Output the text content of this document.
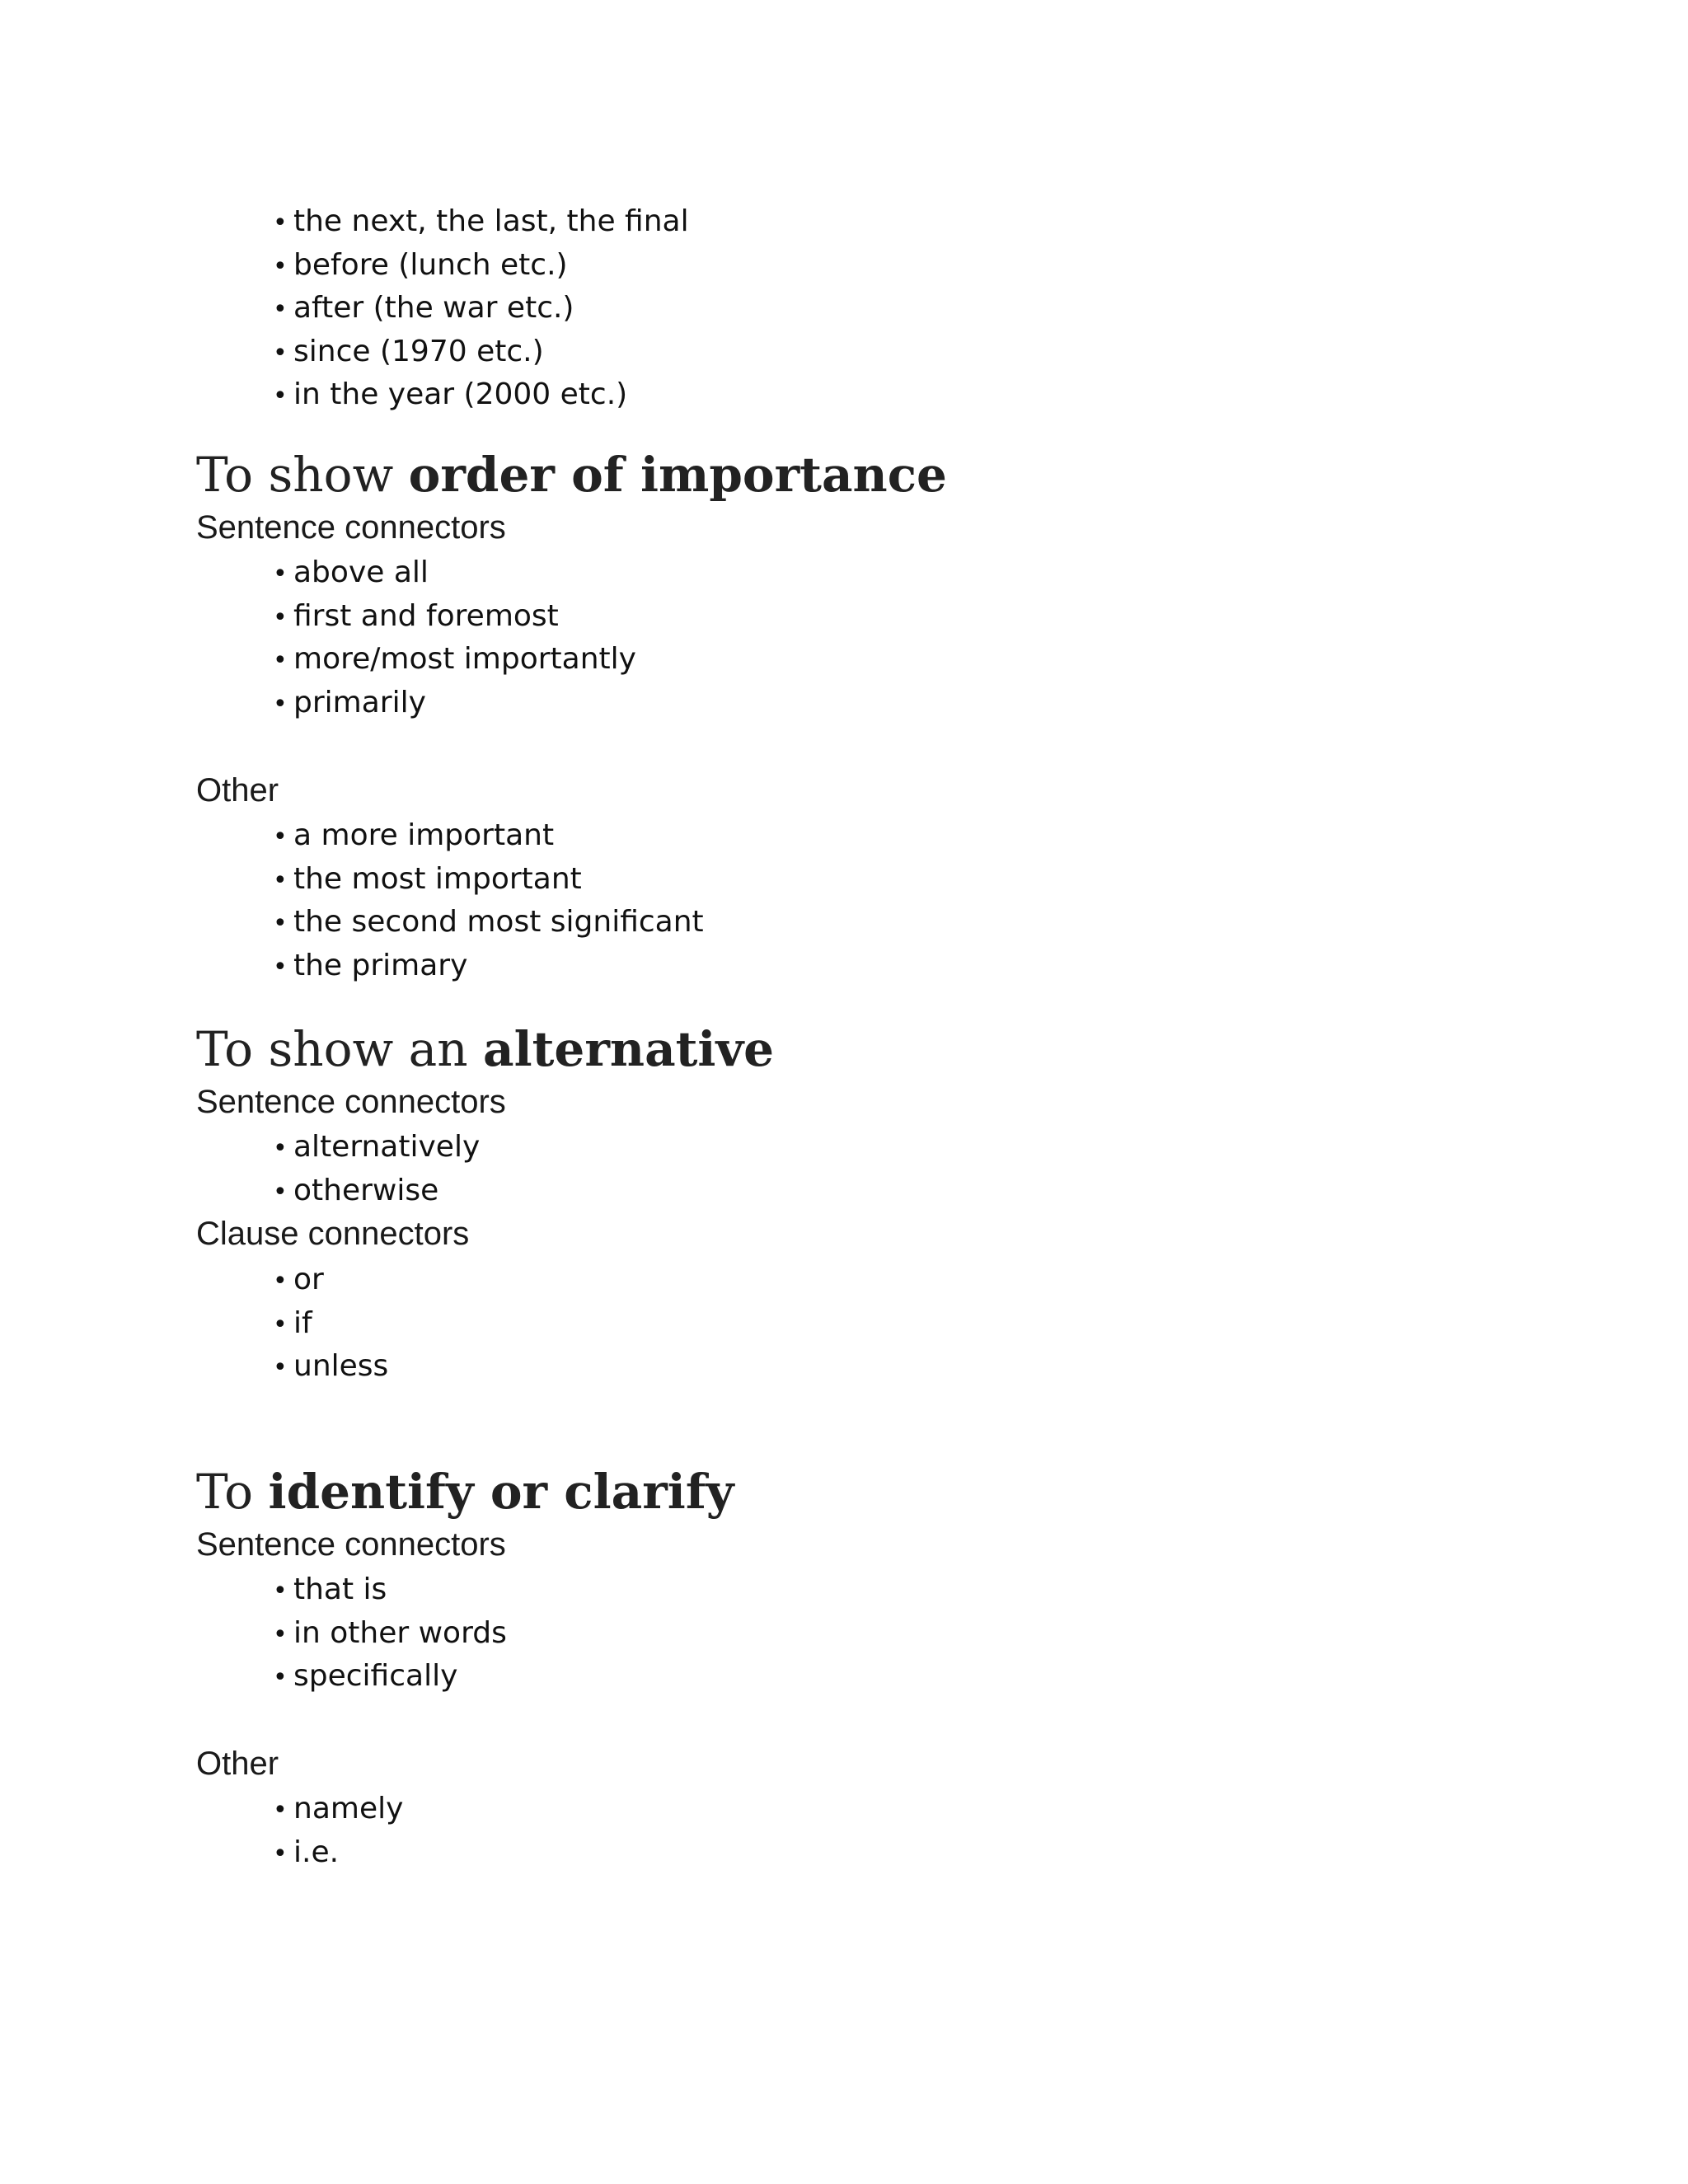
• the next, the last, the final
• before (lunch etc.)
• after (the war etc.)
• since (1970 etc.)
• in the year (2000 etc.)
To show order of importance
Sentence connectors
• above all
• first and foremost
• more/most importantly
• primarily
Other
• a more important
• the most important
• the second most significant
• the primary
To show an alternative
Sentence connectors
• alternatively
• otherwise
Clause connectors
• or
• if
• unless
To identify or clarify
Sentence connectors
• that is
• in other words
• specifically
Other
• namely
• i.e.
